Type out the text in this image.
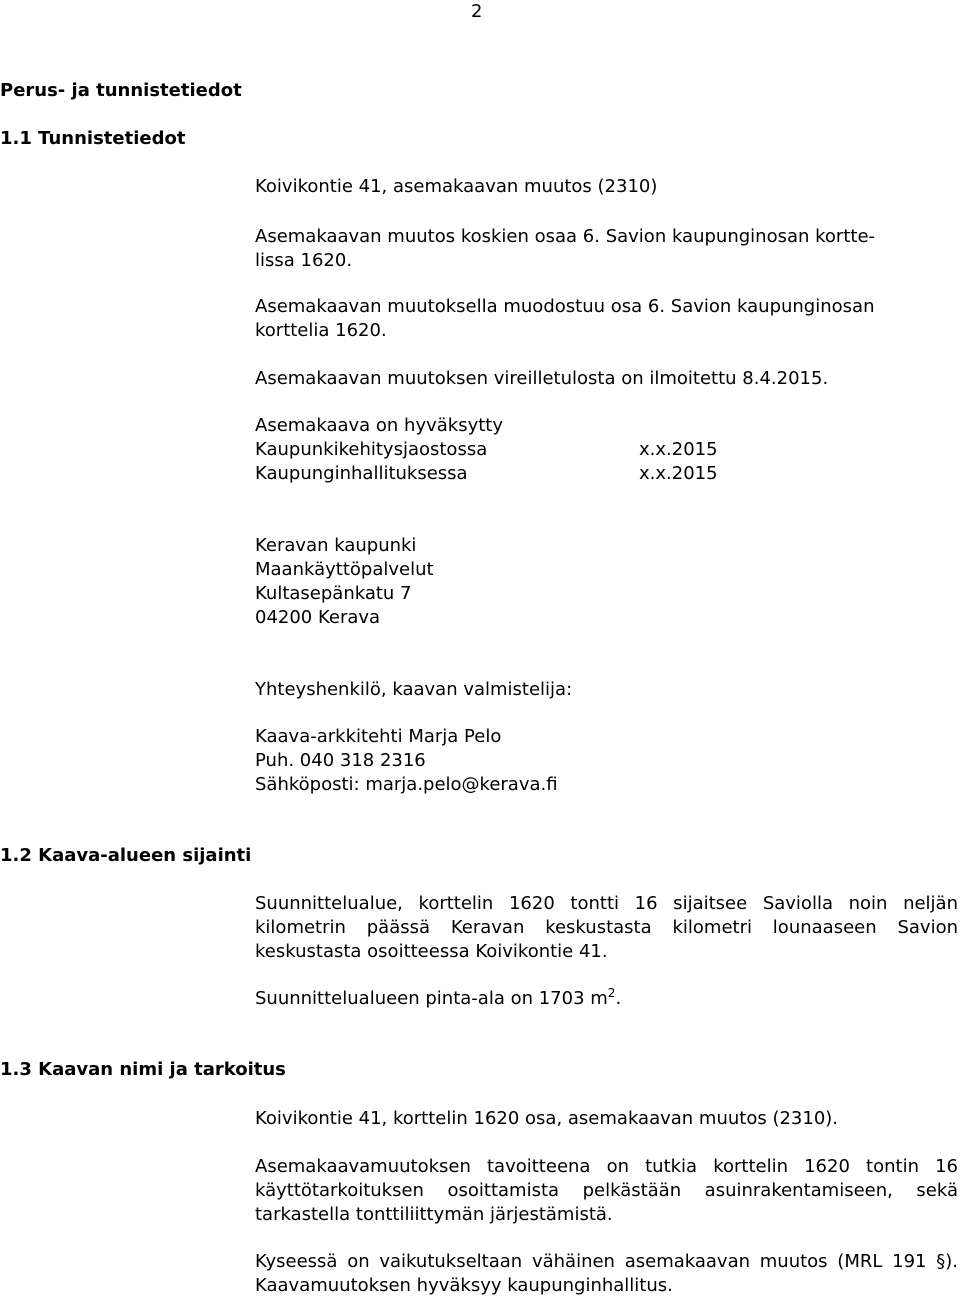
2
Perus- ja tunnistetiedot
1.1 Tunnistetiedot
Koivikontie 41, asemakaavan muutos (2310)
Asemakaavan muutos koskien osaa 6. Savion kaupunginosan kortte-
lissa 1620.
Asemakaavan muutoksella muodostuu osa 6. Savion kaupunginosan
korttelia 1620.
Asemakaavan muutoksen vireilletulosta on ilmoitettu 8.4.2015.
Asemakaava on hyväksytty
Kaupunkikehitysjaostossa	x.x.2015
Kaupunginhallituksessa	x.x.2015
Keravan kaupunki
Maankäyttöpalvelut
Kultasepänkatu 7
04200 Kerava
Yhteyshenkilö, kaavan valmistelija:
Kaava-arkkitehti Marja Pelo
Puh. 040 318 2316
Sähköposti: marja.pelo@kerava.fi
1.2 Kaava-alueen sijainti
Suunnittelualue, korttelin 1620 tontti 16 sijaitsee Saviolla noin neljän kilometrin päässä Keravan keskustasta kilometri lounaaseen Savion keskustasta osoitteessa Koivikontie 41.
Suunnittelualueen pinta-ala on 1703 $m^2$.
1.3 Kaavan nimi ja tarkoitus
Koivikontie 41, korttelin 1620 osa, asemakaavan muutos (2310).
Asemakaavamuutoksen tavoitteena on tutkia korttelin 1620 tontin 16 käyttötarkoituksen osoittamista pelkästään asuinrakentamiseen, sekä tarkastella tonttiliittymän järjestämistä.
Kyseessä on vaikutukseltaan vähäinen asemakaavan muutos (MRL 191 §). Kaavamuutoksen hyväksyy kaupunginhallitus.
